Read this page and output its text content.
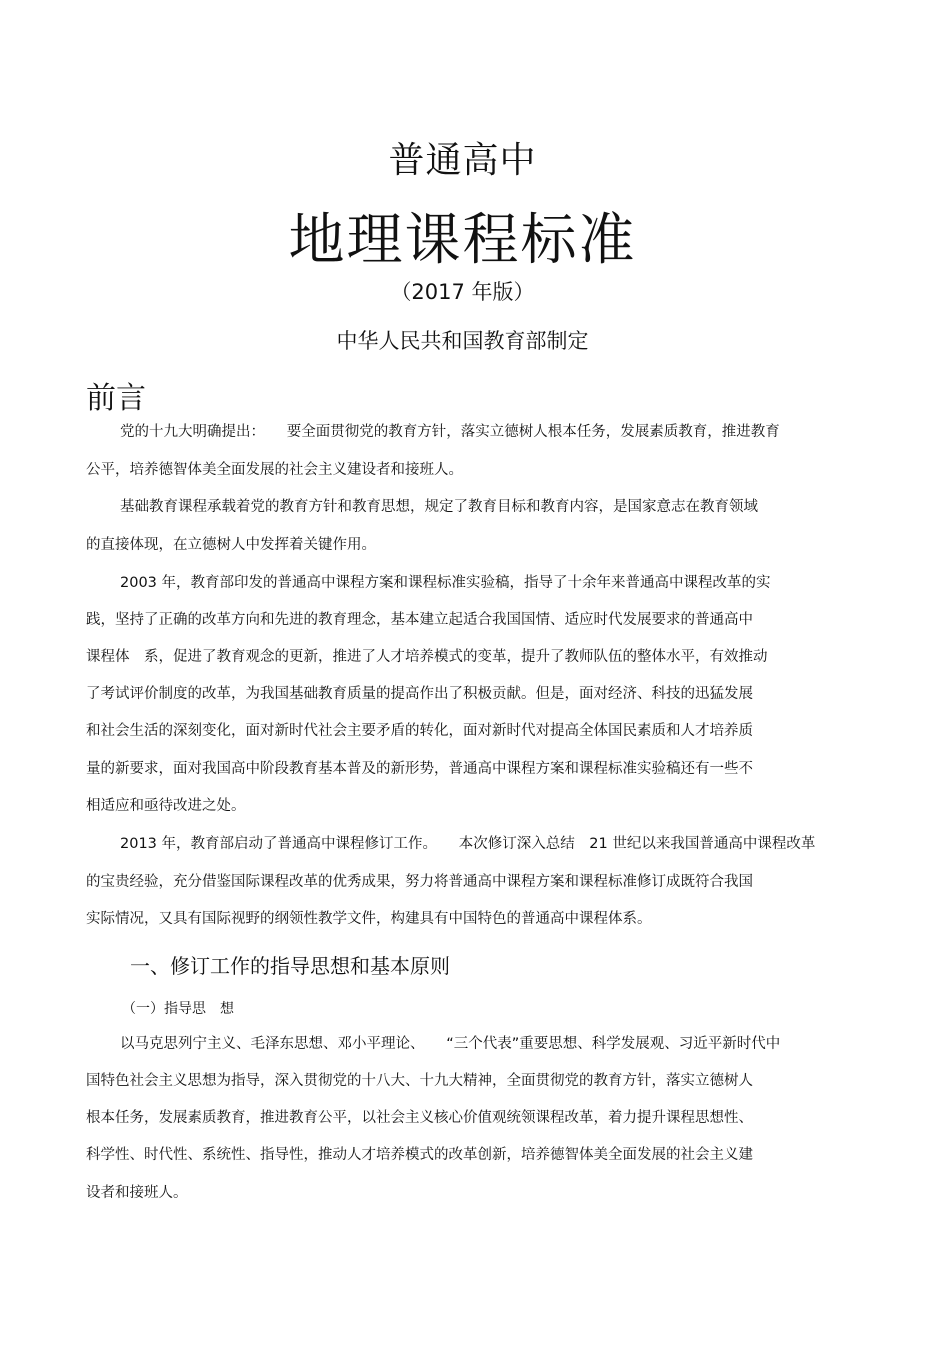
普通高中
地理课程标准
（2017 年版）
中华人民共和国教育部制定
前言
党的十九大明确提出：　　要全面贯彻党的教育方针，落实立德树人根本任务，发展素质教育，推进教育
公平，培养德智体美全面发展的社会主义建设者和接班人。
基础教育课程承载着党的教育方针和教育思想，规定了教育目标和教育内容，是国家意志在教育领域
的直接体现，在立德树人中发挥着关键作用。
2003 年，教育部印发的普通高中课程方案和课程标准实验稿，指导了十余年来普通高中课程改革的实
践，坚持了正确的改革方向和先进的教育理念，基本建立起适合我国国情、适应时代发展要求的普通高中
课程体　系，促进了教育观念的更新，推进了人才培养模式的变革，提升了教师队伍的整体水平，有效推动
了考试评价制度的改革，为我国基础教育质量的提高作出了积极贡献。但是，面对经济、科技的迅猛发展
和社会生活的深刻变化，面对新时代社会主要矛盾的转化，面对新时代对提高全体国民素质和人才培养质
量的新要求，面对我国高中阶段教育基本普及的新形势，普通高中课程方案和课程标准实验稿还有一些不
相适应和亟待改进之处。
2013 年，教育部启动了普通高中课程修订工作。　　本次修订深入总结　21 世纪以来我国普通高中课程改革
的宝贵经验，充分借鉴国际课程改革的优秀成果，努力将普通高中课程方案和课程标准修订成既符合我国
实际情况，又具有国际视野的纲领性教学文件，构建具有中国特色的普通高中课程体系。
一、修订工作的指导思想和基本原则
（一）指导思　想
以马克思列宁主义、毛泽东思想、邓小平理论、　　“三个代表”重要思想、科学发展观、习近平新时代中
国特色社会主义思想为指导，深入贯彻党的十八大、十九大精神，全面贯彻党的教育方针，落实立德树人
根本任务，发展素质教育，推进教育公平，以社会主义核心价值观统领课程改革，着力提升课程思想性、
科学性、时代性、系统性、指导性，推动人才培养模式的改革创新，培养德智体美全面发展的社会主义建
设者和接班人。
